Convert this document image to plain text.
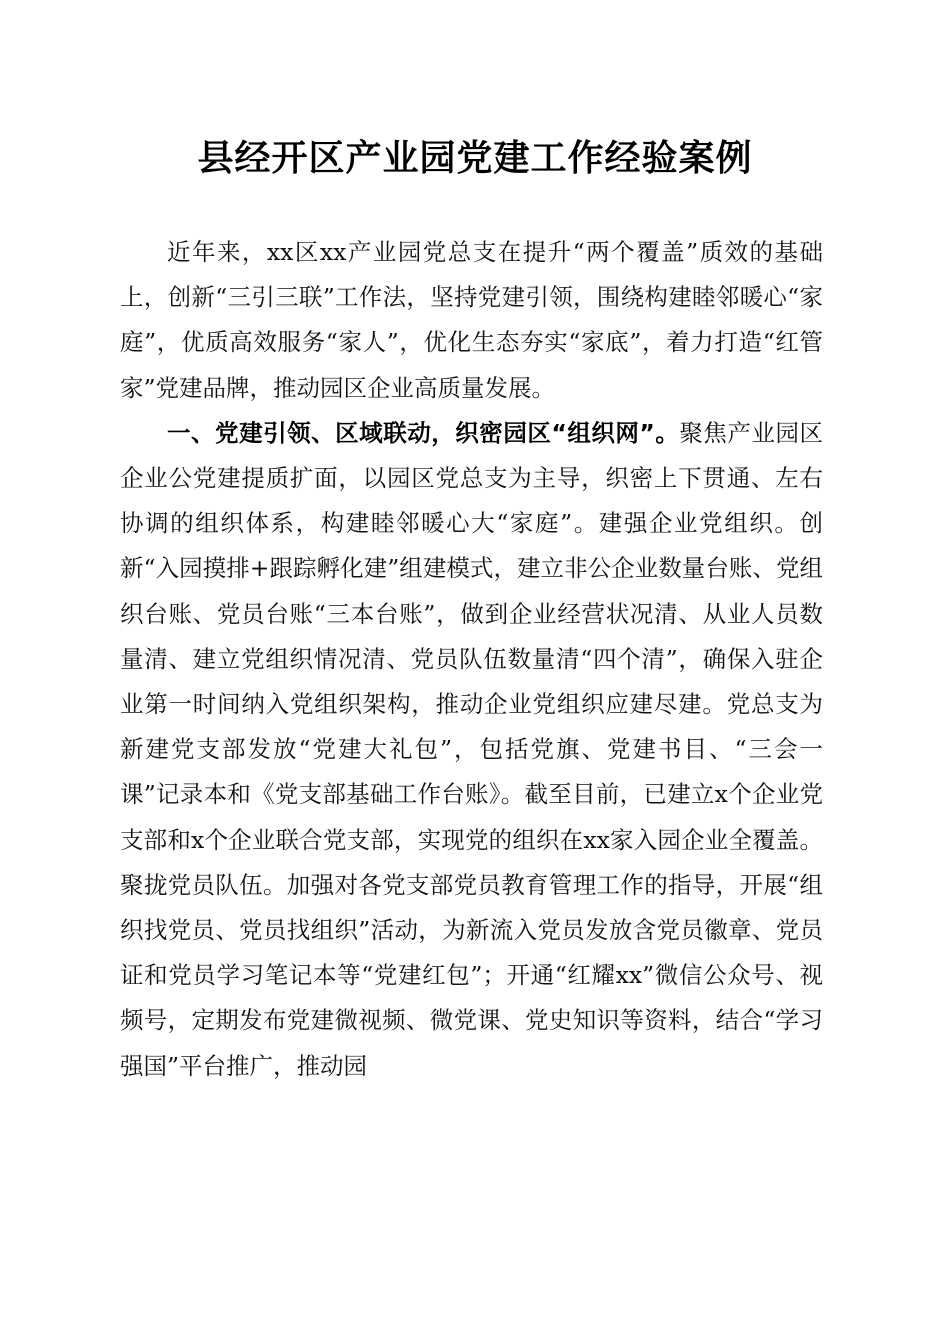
县经开区产业园党建工作经验案例

近年来，xx区xx产业园党总支在提升“两个覆盖”质效的基础上，创新“三引三联”工作法，坚持党建引领，围绕构建睦邻暖心“家庭”，优质高效服务“家人”，优化生态夯实“家底”，着力打造“红管家”党建品牌，推动园区企业高质量发展。

一、党建引领、区域联动，织密园区“组织网”。聚焦产业园区企业公党建提质扩面，以园区党总支为主导，织密上下贯通、左右协调的组织体系，构建睦邻暖心大“家庭”。建强企业党组织。创新“入园摸排+跟踪孵化建”组建模式，建立非公企业数量台账、党组织台账、党员台账“三本台账”，做到企业经营状况清、从业人员数量清、建立党组织情况清、党员队伍数量清“四个清”，确保入驻企业第一时间纳入党组织架构，推动企业党组织应建尽建。党总支为新建党支部发放“党建大礼包”，包括党旗、党建书目、“三会一课”记录本和《党支部基础工作台账》。截至目前，已建立x个企业党支部和x个企业联合党支部，实现党的组织在xx家入园企业全覆盖。聚拢党员队伍。加强对各党支部党员教育管理工作的指导，开展“组织找党员、党员找组织”活动，为新流入党员发放含党员徽章、党员证和党员学习笔记本等“党建红包”；开通“红耀xx”微信公众号、视频号，定期发布党建微视频、微党课、党史知识等资料，结合“学习强国”平台推广，推动园
